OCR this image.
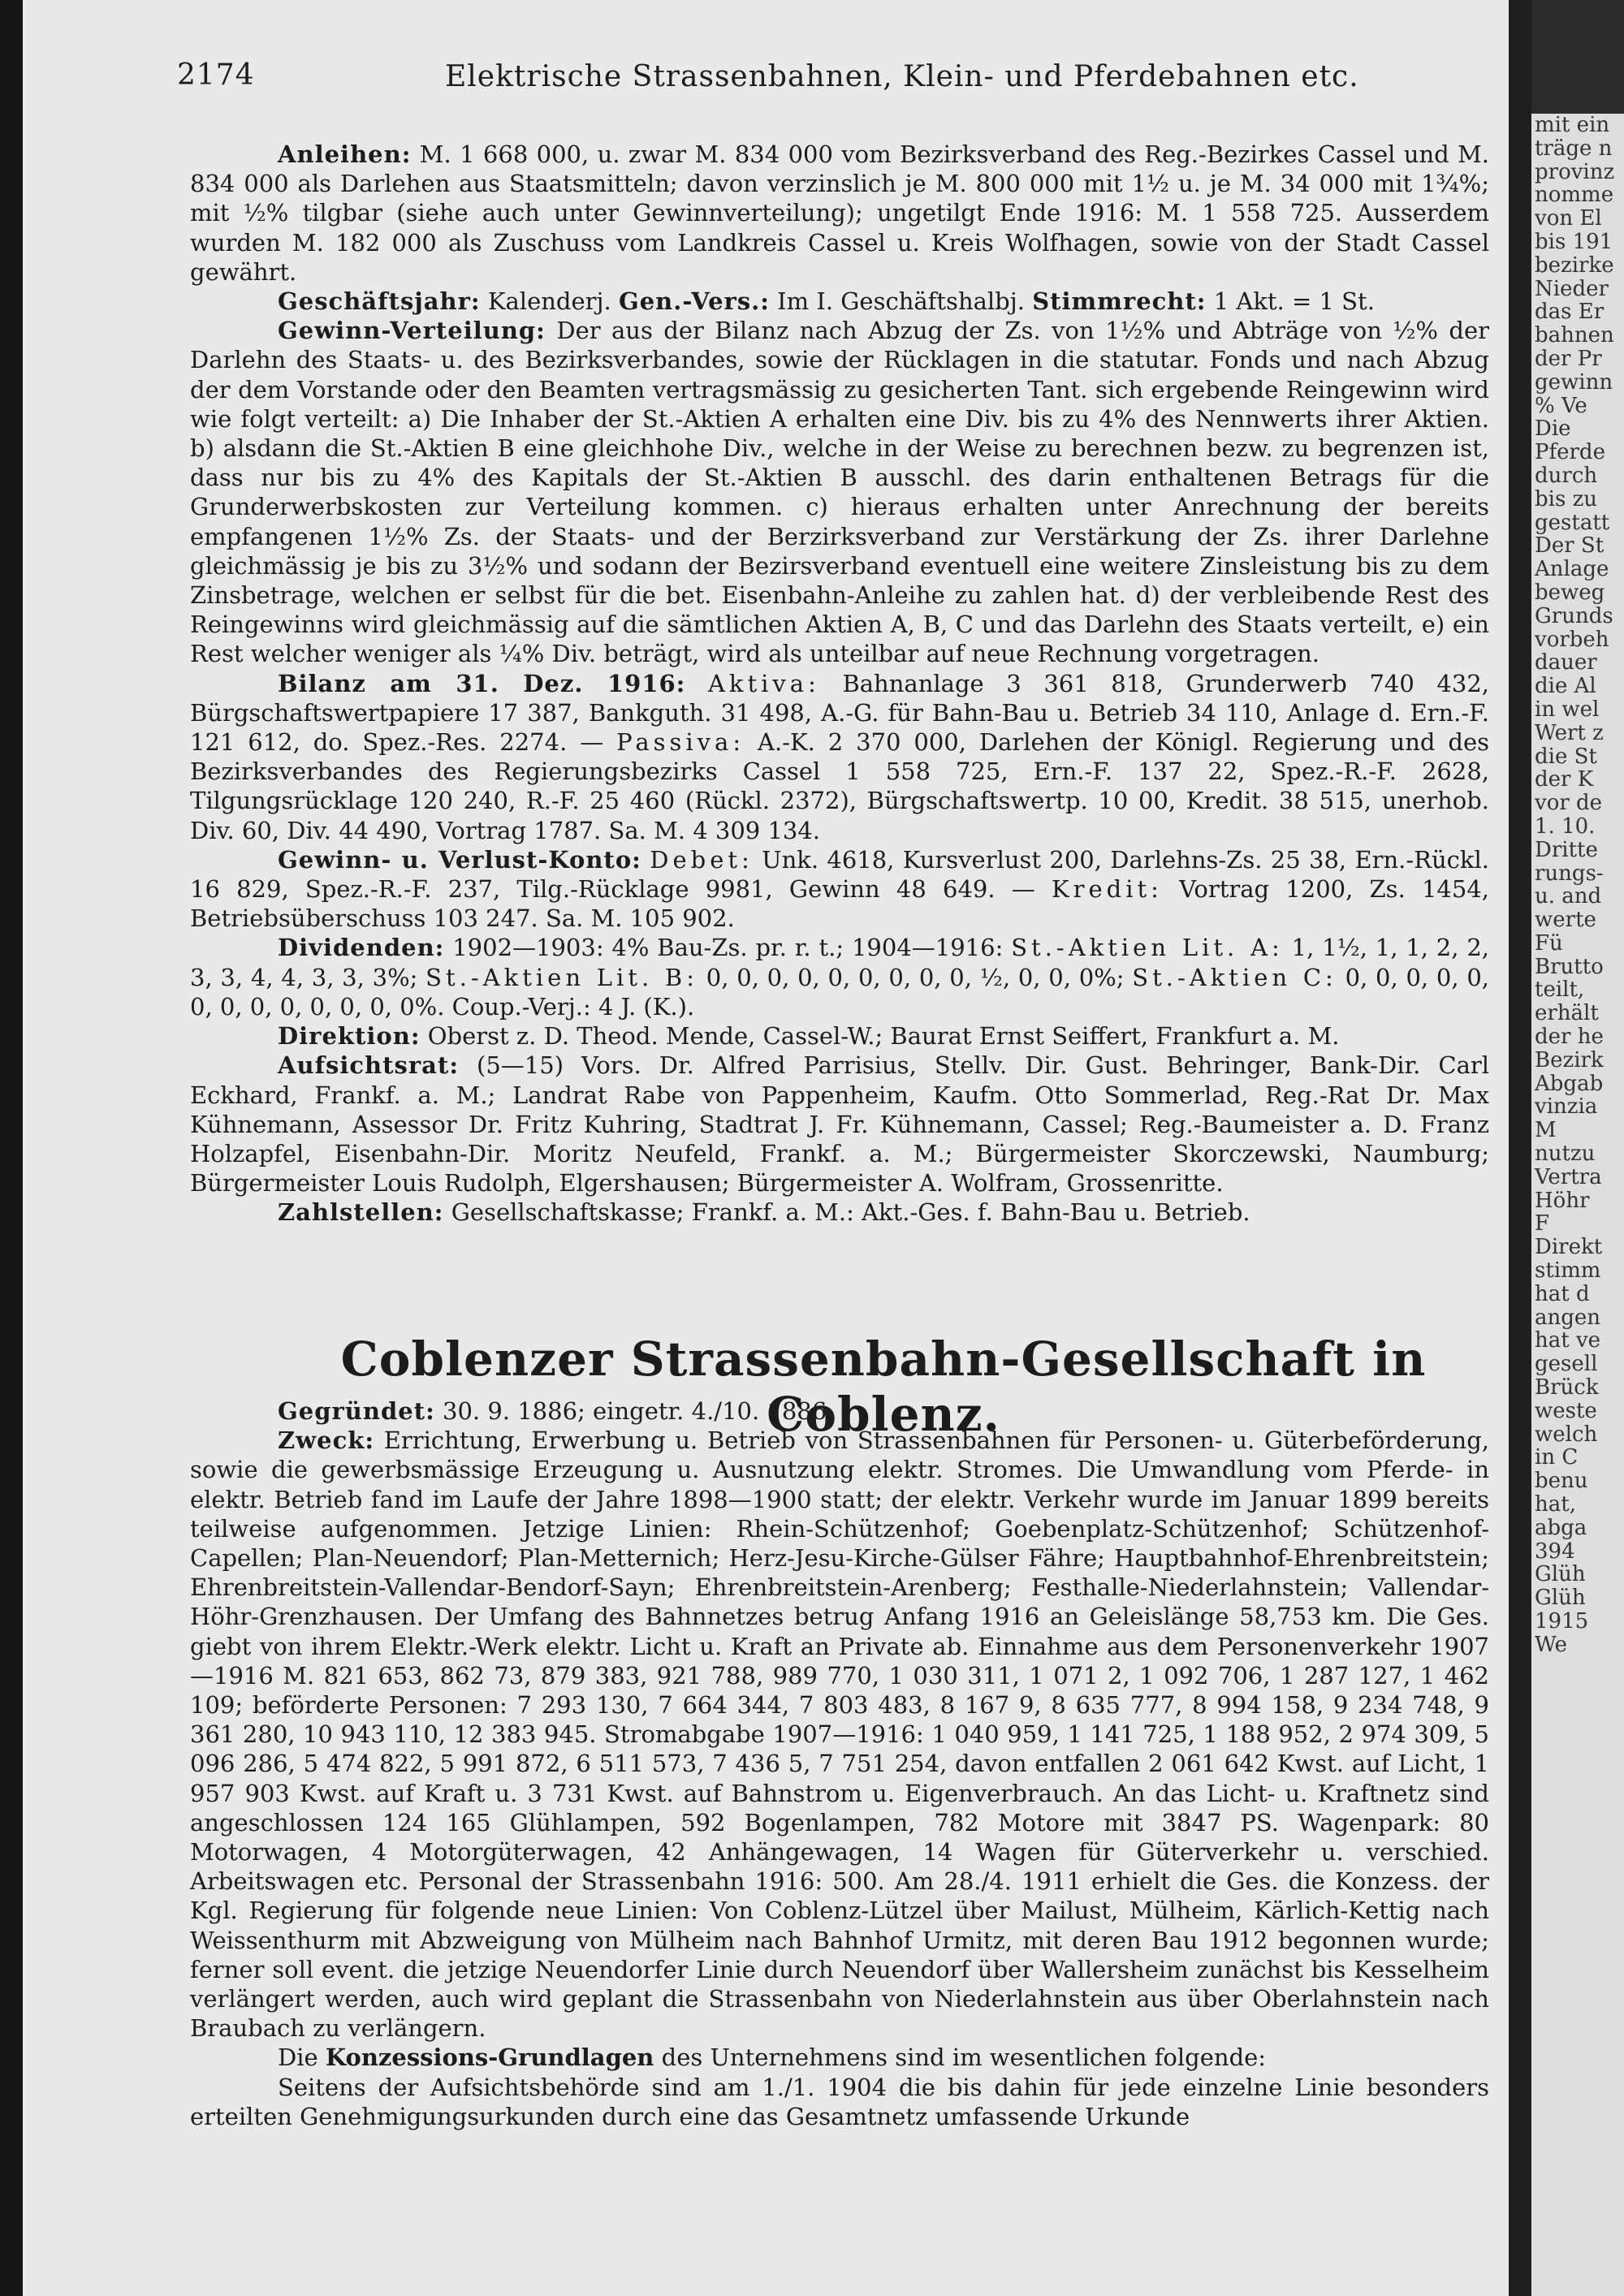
2174	Elektrische Strassenbahnen, Klein- und Pferdebahnen etc.

Anleihen: M. 1 668 000, u. zwar M. 834 000 vom Bezirksverband des Reg.-Bezirkes Cassel und M. 834 000 als Darlehen aus Staatsmitteln; davon verzinslich je M. 800 000 mit 1½ u. je M. 34 000 mit 1¾%; mit ½% tilgbar (siehe auch unter Gewinnverteilung); ungetilgt Ende 1916: M. 1 558 725. Ausserdem wurden M. 182 000 als Zuschuss vom Landkreis Cassel u. Kreis Wolfhagen, sowie von der Stadt Cassel gewährt.

Geschäftsjahr: Kalenderj. Gen.-Vers.: Im I. Geschäftshalbj. Stimmrecht: 1 Akt. = 1 St.

Gewinn-Verteilung: Der aus der Bilanz nach Abzug der Zs. von 1½% und Abträge von ½% der Darlehn des Staats- u. des Bezirksverbandes, sowie der Rücklagen in die statutar. Fonds und nach Abzug der dem Vorstande oder den Beamten vertragsmässig zu gesicherten Tant. sich ergebende Reingewinn wird wie folgt verteilt: a) Die Inhaber der St.-Aktien A erhalten eine Div. bis zu 4% des Nennwerts ihrer Aktien. b) alsdann die St.-Aktien B eine gleichhohe Div., welche in der Weise zu berechnen bezw. zu begrenzen ist, dass nur bis zu 4% des Kapitals der St.-Aktien B ausschl. des darin enthaltenen Betrags für die Grunderwerbskosten zur Verteilung kommen. c) hieraus erhalten unter Anrechnung der bereits empfangenen 1½% Zs. der Staats- und der Berzirksverband zur Verstärkung der Zs. ihrer Darlehne gleichmässig je bis zu 3½% und sodann der Bezirsverband eventuell eine weitere Zinsleistung bis zu dem Zinsbetrage, welchen er selbst für die bet. Eisenbahn-Anleihe zu zahlen hat. d) der verbleibende Rest des Reingewinns wird gleichmässig auf die sämtlichen Aktien A, B, C und das Darlehn des Staats verteilt, e) ein Rest welcher weniger als ¼% Div. beträgt, wird als unteilbar auf neue Rechnung vorgetragen.

Bilanz am 31. Dez. 1916: Aktiva: Bahnanlage 3 361 818, Grunderwerb 740 432, Bürgschaftswertpapiere 17 387, Bankguth. 31 498, A.-G. für Bahn-Bau u. Betrieb 34 110, Anlage d. Ern.-F. 121 612, do. Spez.-Res. 2274. — Passiva: A.-K. 2 370 000, Darlehen der Königl. Regierung und des Bezirksverbandes des Regierungsbezirks Cassel 1 558 725, Ern.-F. 137 22, Spez.-R.-F. 2628, Tilgungsrücklage 120 240, R.-F. 25 460 (Rückl. 2372), Bürgschaftswertp. 10 00, Kredit. 38 515, unerhob. Div. 60, Div. 44 490, Vortrag 1787. Sa. M. 4 309 134.

Gewinn- u. Verlust-Konto: Debet: Unk. 4618, Kursverlust 200, Darlehns-Zs. 25 38, Ern.-Rückl. 16 829, Spez.-R.-F. 237, Tilg.-Rücklage 9981, Gewinn 48 649. — Kredit: Vortrag 1200, Zs. 1454, Betriebsüberschuss 103 247. Sa. M. 105 902.

Dividenden: 1902—1903: 4% Bau-Zs. pr. r. t.; 1904—1916: St.-Aktien Lit. A: 1, 1½, 1, 1, 2, 2, 3, 3, 4, 4, 3, 3, 3%; St.-Aktien Lit. B: 0, 0, 0, 0, 0, 0, 0, 0, 0, ½, 0, 0, 0%; St.-Aktien C: 0, 0, 0, 0, 0, 0, 0, 0, 0, 0, 0, 0, 0%. Coup.-Verj.: 4 J. (K.).

Direktion: Oberst z. D. Theod. Mende, Cassel-W.; Baurat Ernst Seiffert, Frankfurt a. M.

Aufsichtsrat: (5—15) Vors. Dr. Alfred Parrisius, Stellv. Dir. Gust. Behringer, Bank-Dir. Carl Eckhard, Frankf. a. M.; Landrat Rabe von Pappenheim, Kaufm. Otto Sommerlad, Reg.-Rat Dr. Max Kühnemann, Assessor Dr. Fritz Kuhring, Stadtrat J. Fr. Kühnemann, Cassel; Reg.-Baumeister a. D. Franz Holzapfel, Eisenbahn-Dir. Moritz Neufeld, Frankf. a. M.; Bürgermeister Skorczewski, Naumburg; Bürgermeister Louis Rudolph, Elgershausen; Bürgermeister A. Wolfram, Grossenritte.

Zahlstellen: Gesellschaftskasse; Frankf. a. M.: Akt.-Ges. f. Bahn-Bau u. Betrieb.

Coblenzer Strassenbahn-Gesellschaft in Coblenz.

Gegründet: 30. 9. 1886; eingetr. 4./10. 1886.

Zweck: Errichtung, Erwerbung u. Betrieb von Strassenbahnen für Personen- u. Güterbeförderung, sowie die gewerbsmässige Erzeugung u. Ausnutzung elektr. Stromes. Die Umwandlung vom Pferde- in elektr. Betrieb fand im Laufe der Jahre 1898—1900 statt; der elektr. Verkehr wurde im Januar 1899 bereits teilweise aufgenommen. Jetzige Linien: Rhein-Schützenhof; Goebenplatz-Schützenhof; Schützenhof-Capellen; Plan-Neuendorf; Plan-Metternich; Herz-Jesu-Kirche-Gülser Fähre; Hauptbahnhof-Ehrenbreitstein; Ehrenbreitstein-Vallendar-Bendorf-Sayn; Ehrenbreitstein-Arenberg; Festhalle-Niederlahnstein; Vallendar-Höhr-Grenzhausen. Der Umfang des Bahnnetzes betrug Anfang 1916 an Geleislänge 58,753 km. Die Ges. giebt von ihrem Elektr.-Werk elektr. Licht u. Kraft an Private ab. Einnahme aus dem Personenverkehr 1907—1916 M. 821 653, 862 73, 879 383, 921 788, 989 770, 1 030 311, 1 071 2, 1 092 706, 1 287 127, 1 462 109; beförderte Personen: 7 293 130, 7 664 344, 7 803 483, 8 167 9, 8 635 777, 8 994 158, 9 234 748, 9 361 280, 10 943 110, 12 383 945. Stromabgabe 1907—1916: 1 040 959, 1 141 725, 1 188 952, 2 974 309, 5 096 286, 5 474 822, 5 991 872, 6 511 573, 7 436 5, 7 751 254, davon entfallen 2 061 642 Kwst. auf Licht, 1 957 903 Kwst. auf Kraft u. 3 731 Kwst. auf Bahnstrom u. Eigenverbrauch. An das Licht- u. Kraftnetz sind angeschlossen 124 165 Glühlampen, 592 Bogenlampen, 782 Motore mit 3847 PS. Wagenpark: 80 Motorwagen, 4 Motorgüterwagen, 42 Anhängewagen, 14 Wagen für Güterverkehr u. verschied. Arbeitswagen etc. Personal der Strassenbahn 1916: 500. Am 28./4. 1911 erhielt die Ges. die Konzess. der Kgl. Regierung für folgende neue Linien: Von Coblenz-Lützel über Mailust, Mülheim, Kärlich-Kettig nach Weissenthurm mit Abzweigung von Mülheim nach Bahnhof Urmitz, mit deren Bau 1912 begonnen wurde; ferner soll event. die jetzige Neuendorfer Linie durch Neuendorf über Wallersheim zunächst bis Kesselheim verlängert werden, auch wird geplant die Strassenbahn von Niederlahnstein aus über Oberlahnstein nach Braubach zu verlängern.

Die Konzessions-Grundlagen des Unternehmens sind im wesentlichen folgende:

Seitens der Aufsichtsbehörde sind am 1./1. 1904 die bis dahin für jede einzelne Linie besonders erteilten Genehmigungsurkunden durch eine das Gesamtnetz umfassende Urkunde

mit ein
träge n
provinz
nomme
von El
bis 191
bezirke
Nieder
das Er
bahnen
der Pr
gewinn
% Ve
Die
Pferde
durch
bis zu
gestatt
Der St
Anlage
beweg
Grunds
vorbeh
dauer
die Al
in wel
Wert z
die St
der K
vor de
1. 10.
Dritte
rungs-
u. and
werte
Fü
Brutto
teilt,
erhält
der he
Bezirk
Abgab
vinzia
M
nutzu
Vertra
Höhr
F
Direkt
stimm
hat d
angen
hat ve
gesell
Brück
weste
welch
in C
benu
hat,
abga
394
Glüh
Glüh
1915
We
